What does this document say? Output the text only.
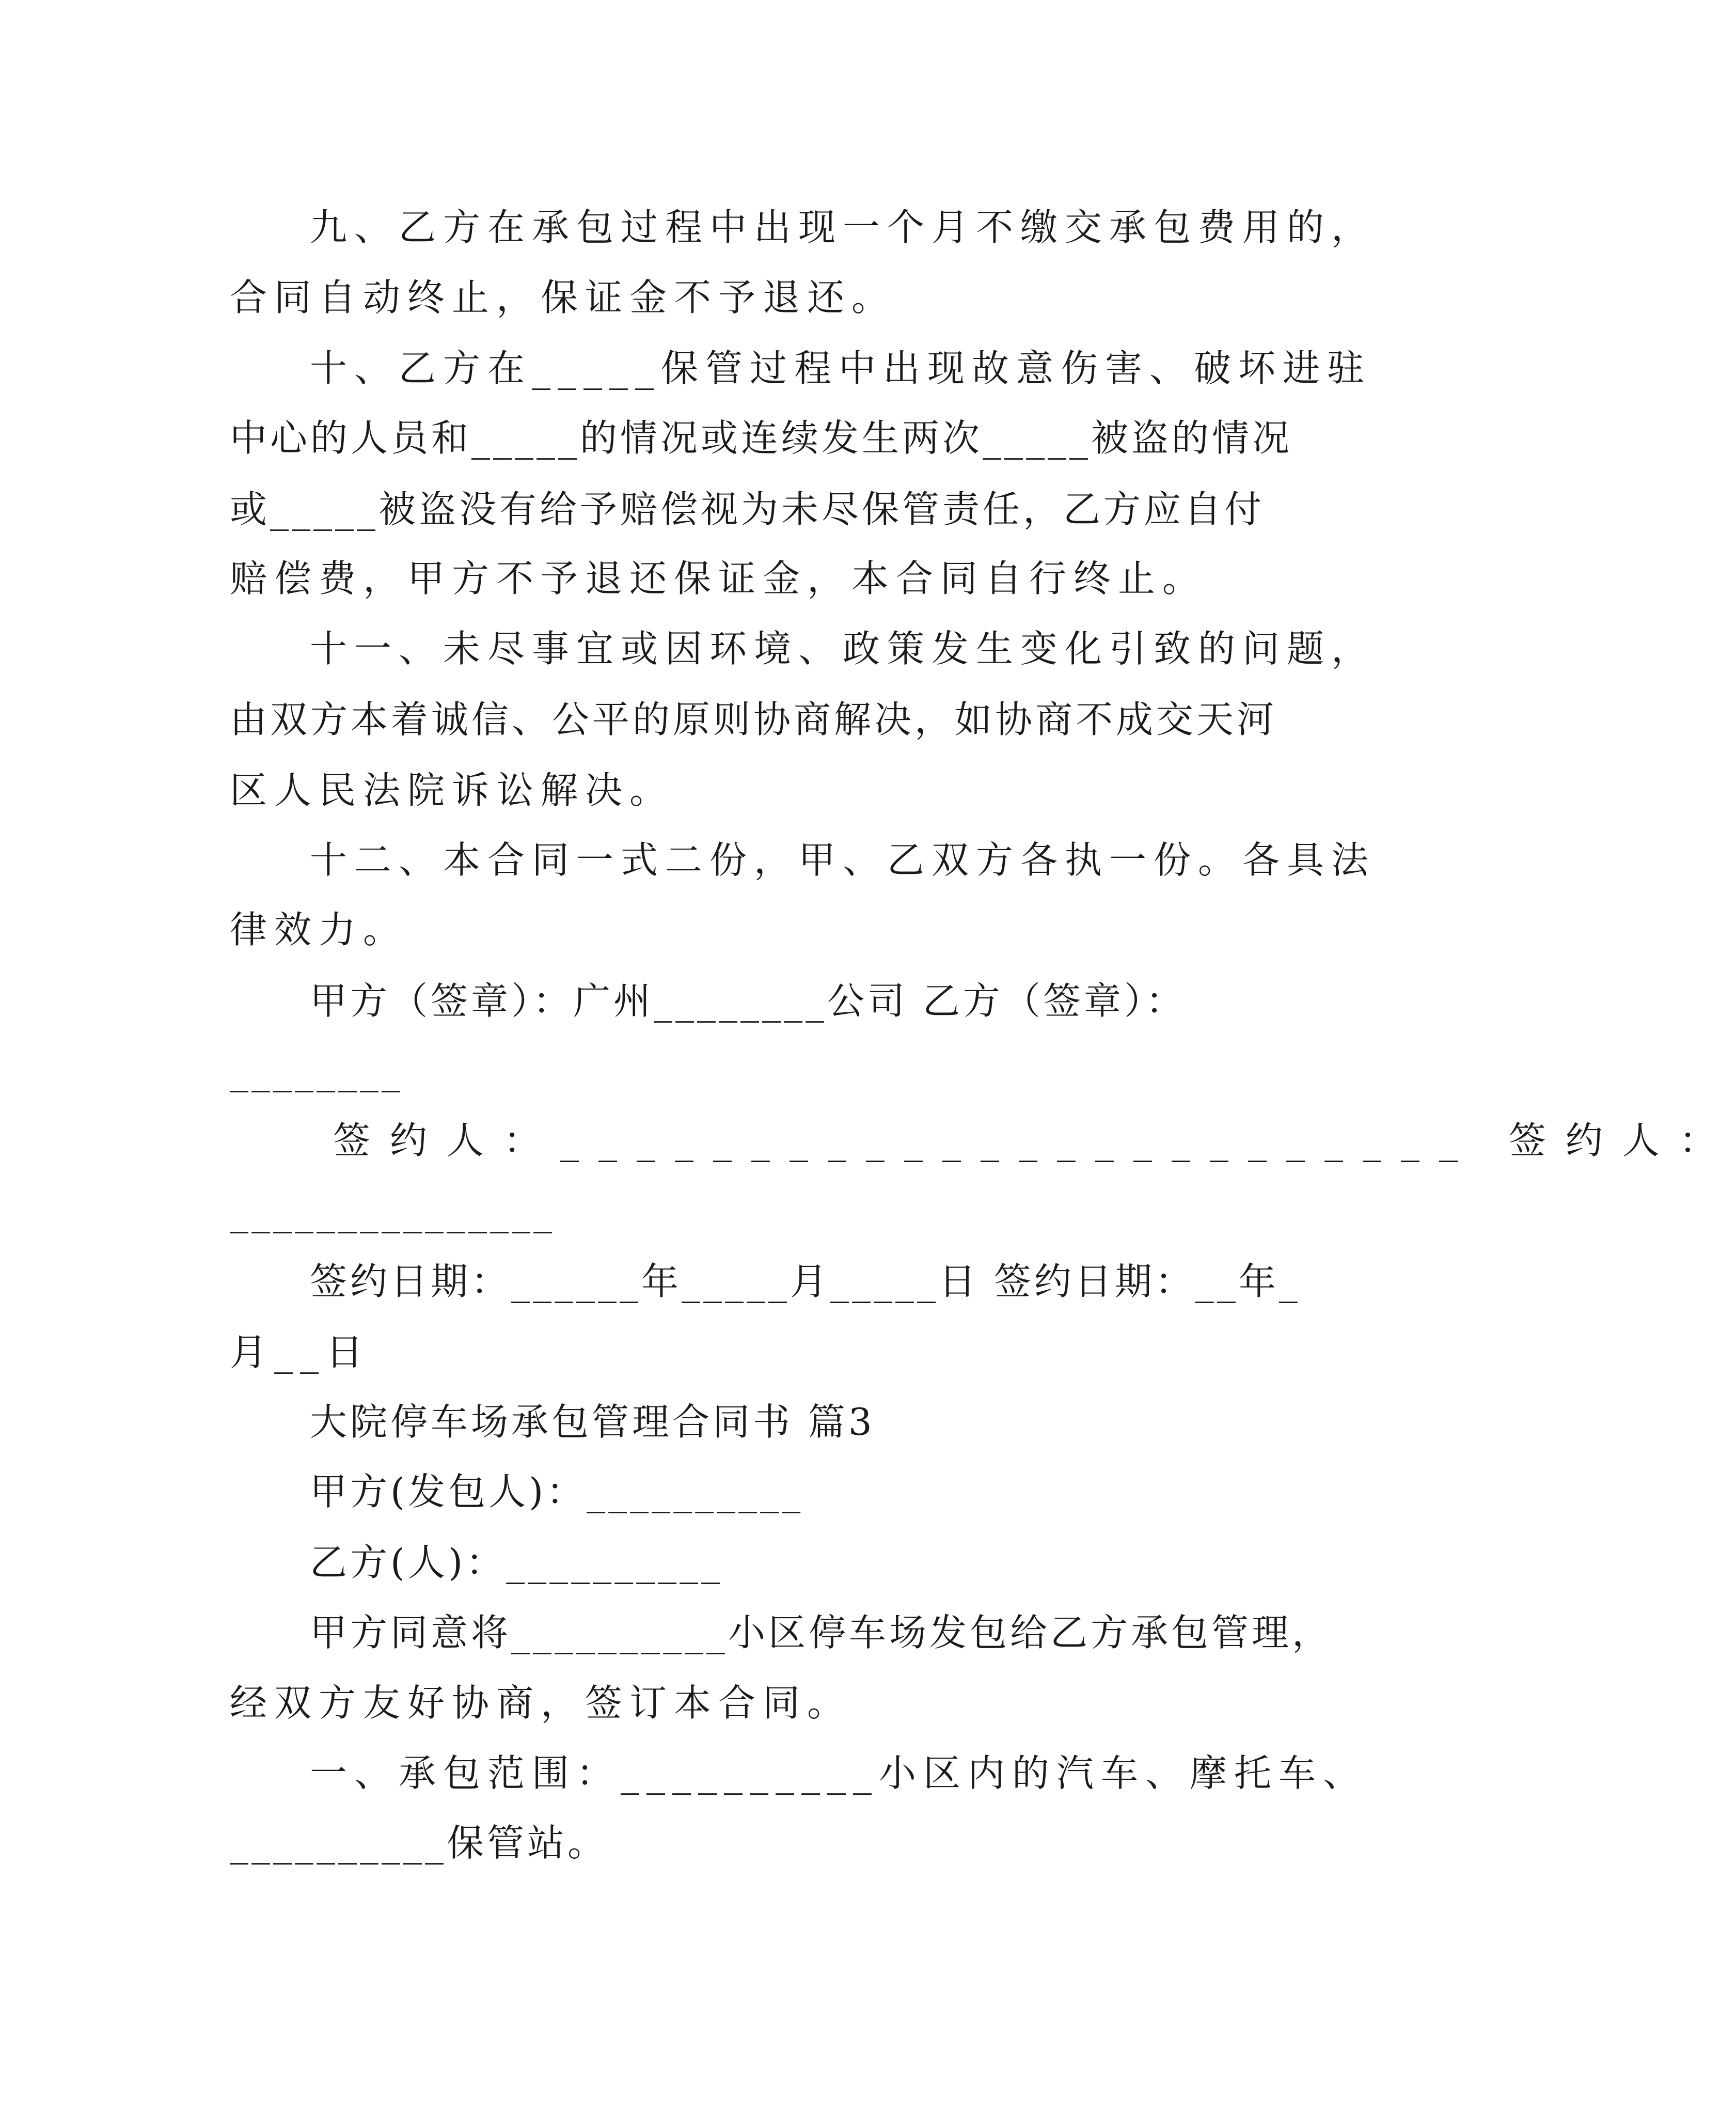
九、乙方在承包过程中出现一个月不缴交承包费用的，
合同自动终止，保证金不予退还。
十、乙方在_____保管过程中出现故意伤害、破坏进驻
中心的人员和_____的情况或连续发生两次_____被盗的情况
或_____被盗没有给予赔偿视为未尽保管责任，乙方应自付
赔偿费，甲方不予退还保证金，本合同自行终止。
十一、未尽事宜或因环境、政策发生变化引致的问题，
由双方本着诚信、公平的原则协商解决，如协商不成交天河
区人民法院诉讼解决。
十二、本合同一式二份，甲、乙双方各执一份。各具法
律效力。
甲方（签章）：广州________公司 乙方（签章）：
________
签约人：________________________ 签约人：
_______________
签约日期：______年_____月_____日 签约日期：__年_
月__日
大院停车场承包管理合同书 篇3
甲方(发包人)：__________
乙方(人)：__________
甲方同意将__________小区停车场发包给乙方承包管理，
经双方友好协商，签订本合同。
一、承包范围：__________小区内的汽车、摩托车、
__________保管站。
